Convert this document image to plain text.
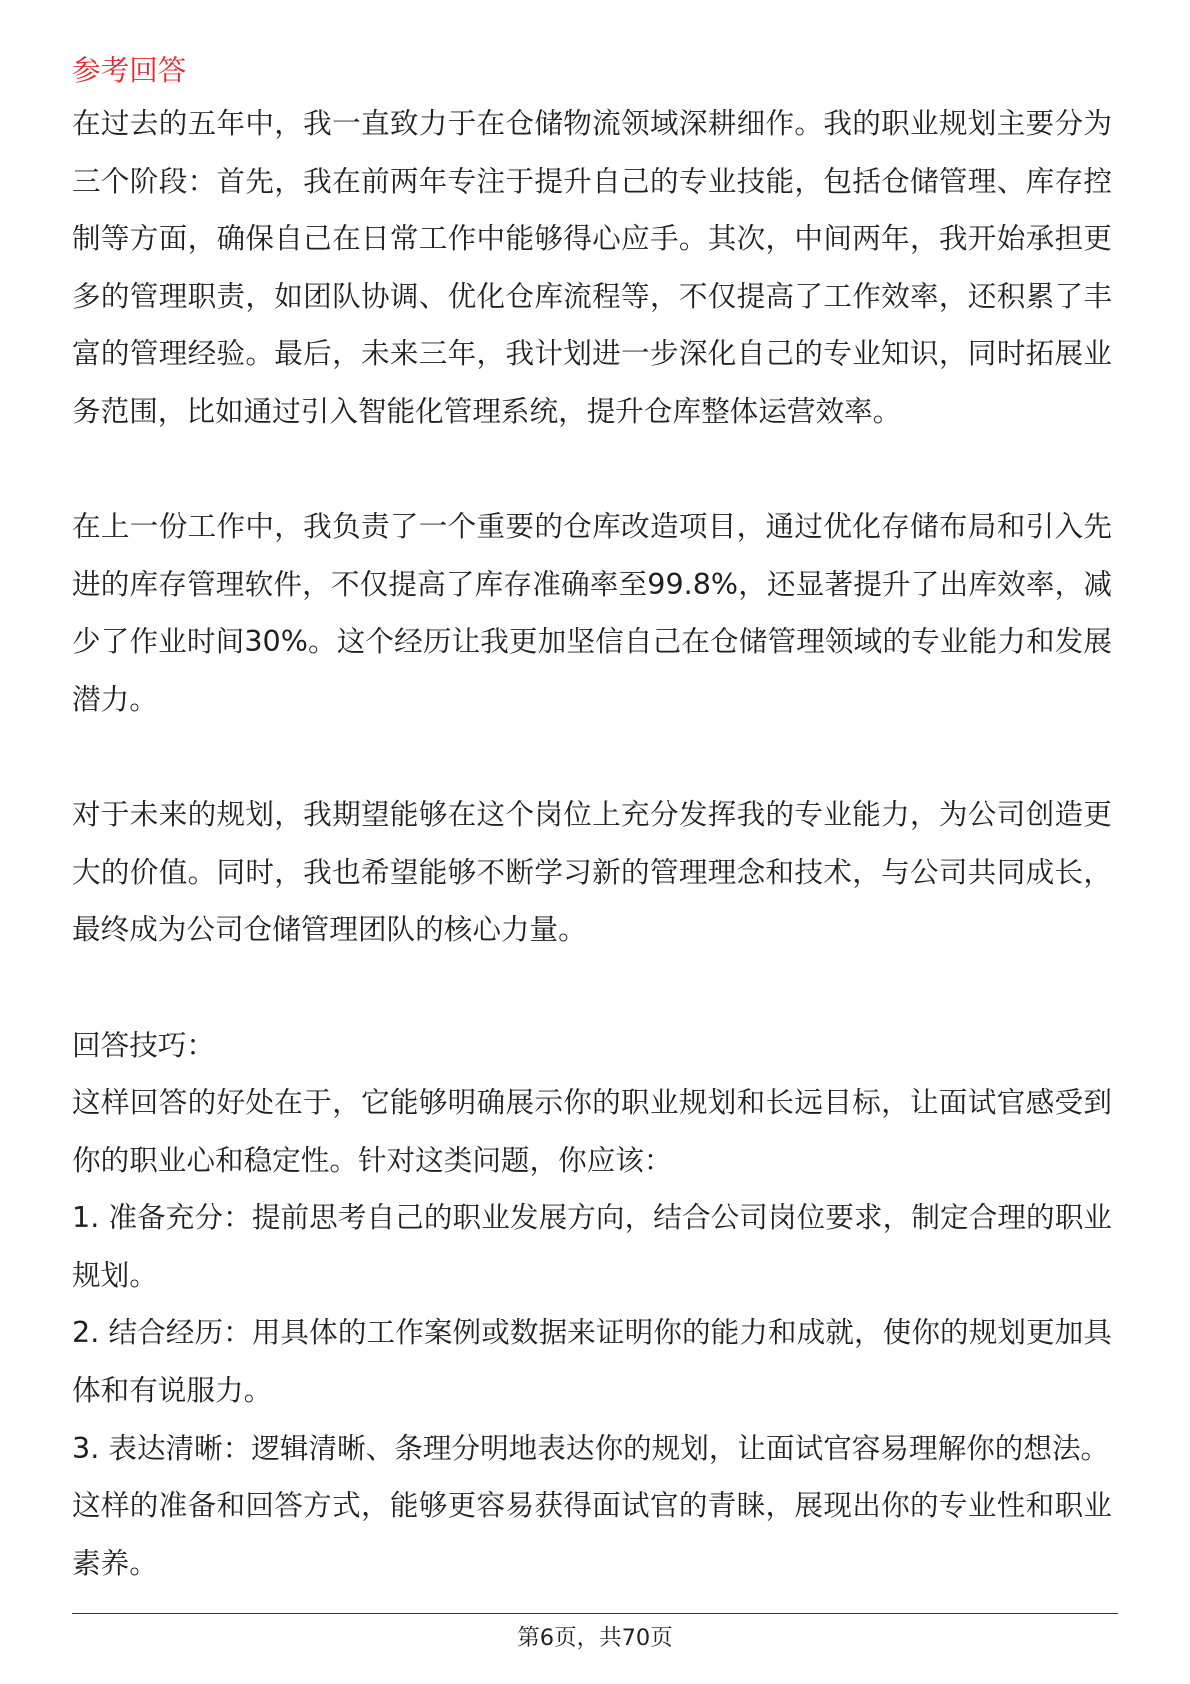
参考回答
在过去的五年中，我一直致力于在仓储物流领域深耕细作。我的职业规划主要分为
三个阶段：首先，我在前两年专注于提升自己的专业技能，包括仓储管理、库存控
制等方面，确保自己在日常工作中能够得心应手。其次，中间两年，我开始承担更
多的管理职责，如团队协调、优化仓库流程等，不仅提高了工作效率，还积累了丰
富的管理经验。最后，未来三年，我计划进一步深化自己的专业知识，同时拓展业
务范围，比如通过引入智能化管理系统，提升仓库整体运营效率。
在上一份工作中，我负责了一个重要的仓库改造项目，通过优化存储布局和引入先
进的库存管理软件，不仅提高了库存准确率至99.8%，还显著提升了出库效率，减
少了作业时间30%。这个经历让我更加坚信自己在仓储管理领域的专业能力和发展
潜力。
对于未来的规划，我期望能够在这个岗位上充分发挥我的专业能力，为公司创造更
大的价值。同时，我也希望能够不断学习新的管理理念和技术，与公司共同成长，
最终成为公司仓储管理团队的核心力量。
回答技巧：
这样回答的好处在于，它能够明确展示你的职业规划和长远目标，让面试官感受到
你的职业心和稳定性。针对这类问题，你应该：
1. 准备充分：提前思考自己的职业发展方向，结合公司岗位要求，制定合理的职业
规划。
2. 结合经历：用具体的工作案例或数据来证明你的能力和成就，使你的规划更加具
体和有说服力。
3. 表达清晰：逻辑清晰、条理分明地表达你的规划，让面试官容易理解你的想法。
这样的准备和回答方式，能够更容易获得面试官的青睐，展现出你的专业性和职业
素养。
第6页，共70页
